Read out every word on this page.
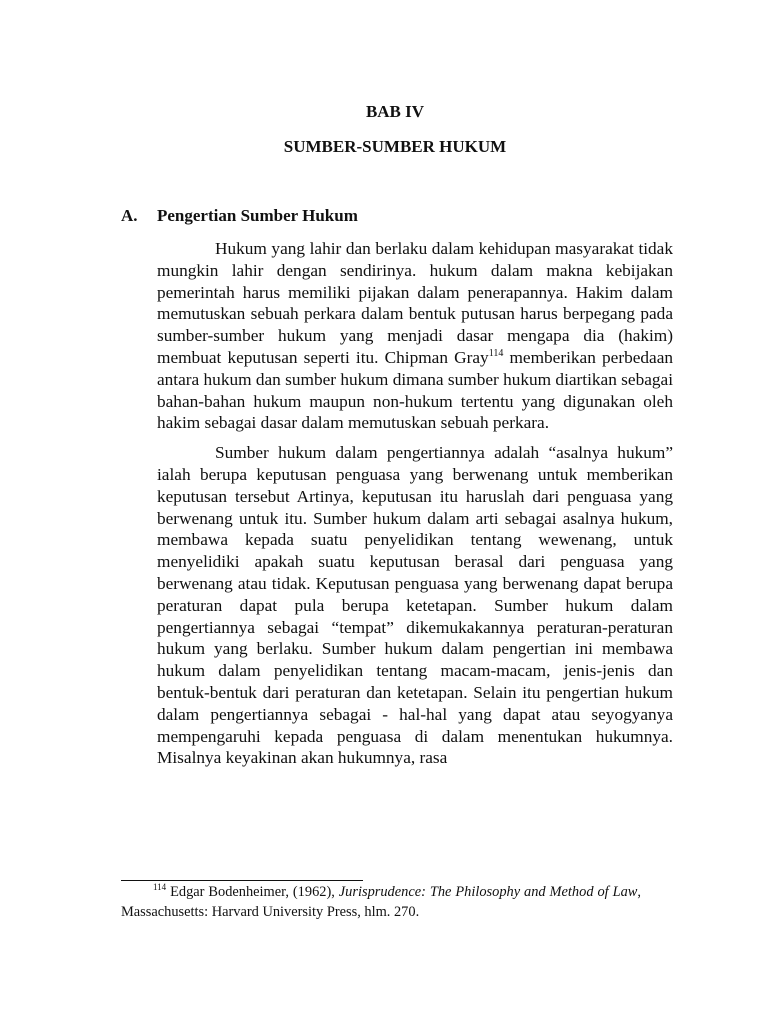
BAB IV
SUMBER-SUMBER HUKUM
A. Pengertian Sumber Hukum

Hukum yang lahir dan berlaku dalam kehidupan masyarakat tidak mungkin lahir dengan sendirinya. hukum dalam makna kebijakan pemerintah harus memiliki pijakan dalam penerapannya. Hakim dalam memutuskan sebuah perkara dalam bentuk putusan harus berpegang pada sumber-sumber hukum yang menjadi dasar mengapa dia (hakim) membuat keputusan seperti itu. Chipman Gray$^{114}$ memberikan perbedaan antara hukum dan sumber hukum dimana sumber hukum diartikan sebagai bahan-bahan hukum maupun non-hukum tertentu yang digunakan oleh hakim sebagai dasar dalam memutuskan sebuah perkara.

Sumber hukum dalam pengertiannya adalah “asalnya hukum” ialah berupa keputusan penguasa yang berwenang untuk memberikan keputusan tersebut Artinya, keputusan itu haruslah dari penguasa yang berwenang untuk itu. Sumber hukum dalam arti sebagai asalnya hukum, membawa kepada suatu penyelidikan tentang wewenang, untuk menyelidiki apakah suatu keputusan berasal dari penguasa yang berwenang atau tidak. Keputusan penguasa yang berwenang dapat berupa peraturan dapat pula berupa ketetapan. Sumber hukum dalam pengertiannya sebagai “tempat” dikemukakannya peraturan-peraturan hukum yang berlaku. Sumber hukum dalam pengertian ini membawa hukum dalam penyelidikan tentang macam-macam, jenis-jenis dan bentuk-bentuk dari peraturan dan ketetapan. Selain itu pengertian hukum dalam pengertiannya sebagai - hal-hal yang dapat atau seyogyanya mempengaruhi kepada penguasa di dalam menentukan hukumnya. Misalnya keyakinan akan hukumnya, rasa

$^{114}$ Edgar Bodenheimer, (1962), Jurisprudence: The Philosophy and Method of Law, Massachusetts: Harvard University Press, hlm. 270.
